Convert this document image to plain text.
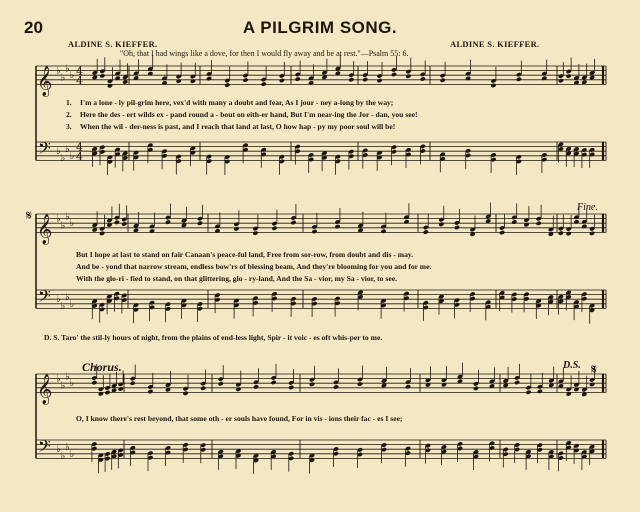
20	A PILGRIM SONG.
ALDINE S. KIEFFER.	ALDINE S. KIEFFER.
"Oh, that I had wings like a dove, for then I would fly away and be at rest."—Psalm 55: 6.
𝄞 ♭
♭
♭
♭
𝄢 ♭
♭
♭
♭
4
4
4
4
𝄞 ♭
♭
♭
♭
𝄢 ♭
♭
♭
♭
𝄞 ♭
♭
♭
♭
𝄢 ♭
♭
♭
♭
𝄋
𝄋
1. I'm a lone - ly pil-grim here, vex'd with many a doubt and fear, As I jour - ney a-long by the way;
2. Here the des - ert wilds ex - pand round a - bout on eith-er hand, But I'm near-ing the Jor - dan, you see!
3. When the wil - der-ness is past, and I reach that land at last, O how hap - py my poor soul will be!
But I hope at last to stand on fair Canaan's peace-ful land, Free from sor-row, from doubt and dis - may.
And be - yond that narrow stream, endless bow'rs of blessing beam, And they're blooming for you and for me.
With the glo-ri - fied to stand, on that glittering, glo - ry-land, And the Sa - vior, my Sa - vior, to see.
D. S. Taro' the stil-ly hours of night, from the plains of end-less light, Spir - it voic - es oft whis-per to me.
Fine.
Chorus.	D.S.
O, I know there's rest beyond, that some oth - er souls have found, For in vis - ions their fac - es I see;
